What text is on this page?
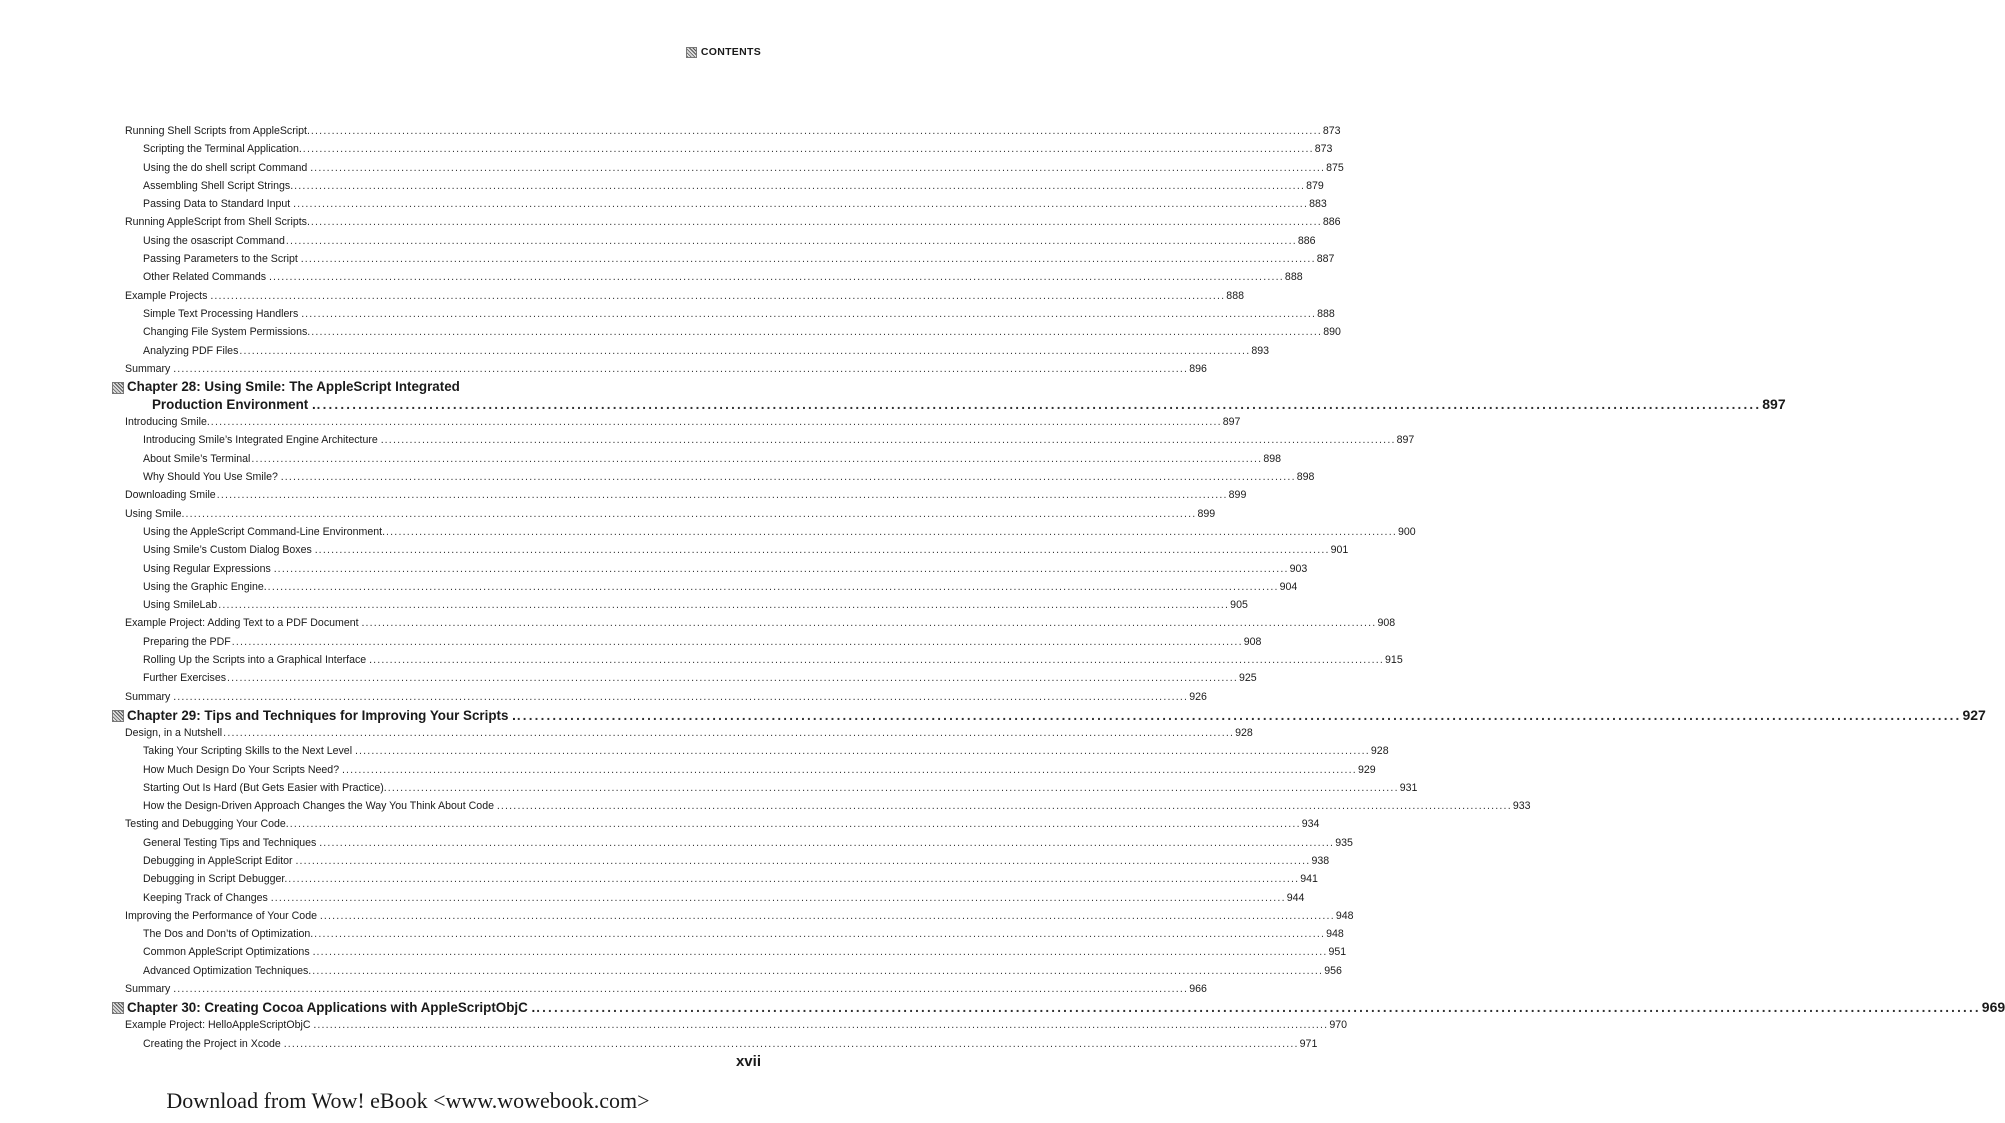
CONTENTS
Running Shell Scripts from AppleScript. .....	873
Scripting the Terminal Application. .....	873
Using the do shell script Command . .....	875
Assembling Shell Script Strings. .....	879
Passing Data to Standard Input . .....	883
Running AppleScript from Shell Scripts. .....	886
Using the osascript Command .....	886
Passing Parameters to the Script . .....	887
Other Related Commands . .....	888
Example Projects . .....	888
Simple Text Processing Handlers . .....	888
Changing File System Permissions. .....	890
Analyzing PDF Files .....	893
Summary . .....	896
Chapter 28: Using Smile: The AppleScript Integrated
Production Environment . .....	897
Introducing Smile. .....	897
Introducing Smile’s Integrated Engine Architecture . .....	897
About Smile’s Terminal .....	898
Why Should You Use Smile? . .....	898
Downloading Smile .....	899
Using Smile. .....	899
Using the AppleScript Command-Line Environment. .....	900
Using Smile’s Custom Dialog Boxes . .....	901
Using Regular Expressions . .....	903
Using the Graphic Engine. .....	904
Using SmileLab .....	905
Example Project: Adding Text to a PDF Document . .....	908
Preparing the PDF .....	908
Rolling Up the Scripts into a Graphical Interface . .....	915
Further Exercises .....	925
Summary . .....	926
Chapter 29: Tips and Techniques for Improving Your Scripts . .....	927
Design, in a Nutshell .....	928
Taking Your Scripting Skills to the Next Level . .....	928
How Much Design Do Your Scripts Need? . .....	929
Starting Out Is Hard (But Gets Easier with Practice). .....	931
How the Design-Driven Approach Changes the Way You Think About Code . .....	933
Testing and Debugging Your Code. .....	934
General Testing Tips and Techniques . .....	935
Debugging in AppleScript Editor . .....	938
Debugging in Script Debugger. .....	941
Keeping Track of Changes . .....	944
Improving the Performance of Your Code . .....	948
The Dos and Don’ts of Optimization. .....	948
Common AppleScript Optimizations . .....	951
Advanced Optimization Techniques. .....	956
Summary . .....	966
Chapter 30: Creating Cocoa Applications with AppleScriptObjC . .....	969
Example Project: HelloAppleScriptObjC . .....	970
Creating the Project in Xcode . .....	971
xvii
Download from Wow! eBook <www.wowebook.com>
